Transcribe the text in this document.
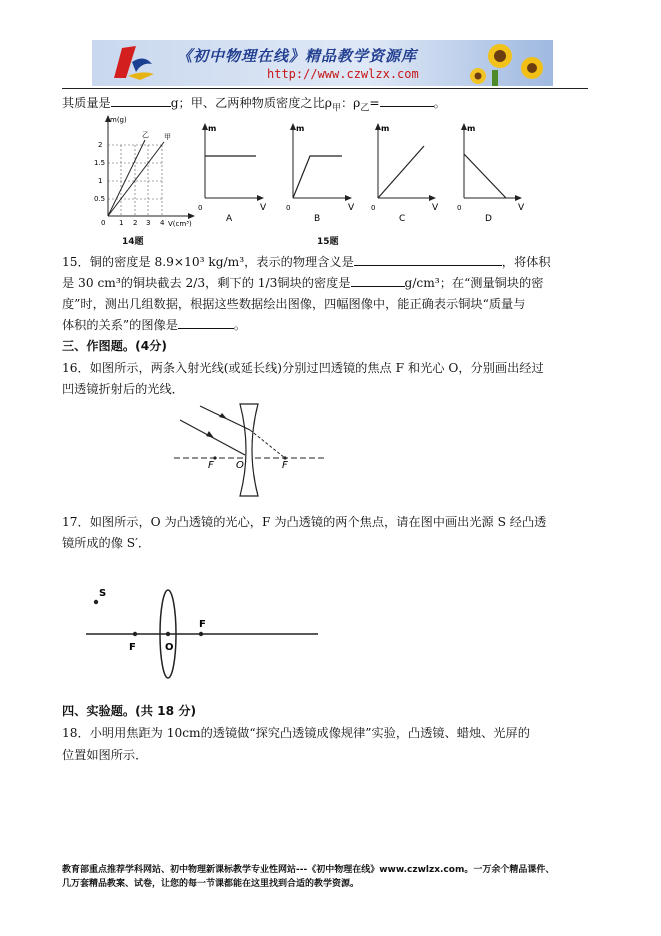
《初中物理在线》精品教学资源库
http://www.czwlzx.com
其质量是	g；甲、乙两种物质密度之比$\rho_甲$：$\rho_乙=$	。
m(g)
V(cm³)
0.5
1
1.5
2
0 1 2 3 4
乙 甲
14题
m
V
0
A
m
V
0
B
m
V
0
C
m
V
0
D
15题
15．铜的密度是 8.9×10³ kg/m³，表示的物理含义是	，将体积
是 30 cm³的铜块截去 2/3，剩下的 1/3铜块的密度是	g/cm³；在“测量铜块的密
度”时，测出几组数据，根据这些数据绘出图像，四幅图像中，能正确表示铜块“质量与
体积的关系”的图像是	。
三、作图题。(4分)
16．如图所示，两条入射光线(或延长线)分别过凹透镜的焦点 F 和光心 O，分别画出经过
凹透镜折射后的光线．
F O	F
17．如图所示，O 为凸透镜的光心，F 为凸透镜的两个焦点，请在图中画出光源 S 经凸透
镜所成的像 S′．
S
F	O
F
四、实验题。(共 18 分)
18．小明用焦距为 10cm的透镜做“探究凸透镜成像规律”实验，凸透镜、蜡烛、光屏的
位置如图所示．
教育部重点推荐学科网站、初中物理新课标教学专业性网站---《初中物理在线》www.czwlzx.com。一万余个精品课件、
几万套精品教案、试卷，让您的每一节课都能在这里找到合适的教学资源。
